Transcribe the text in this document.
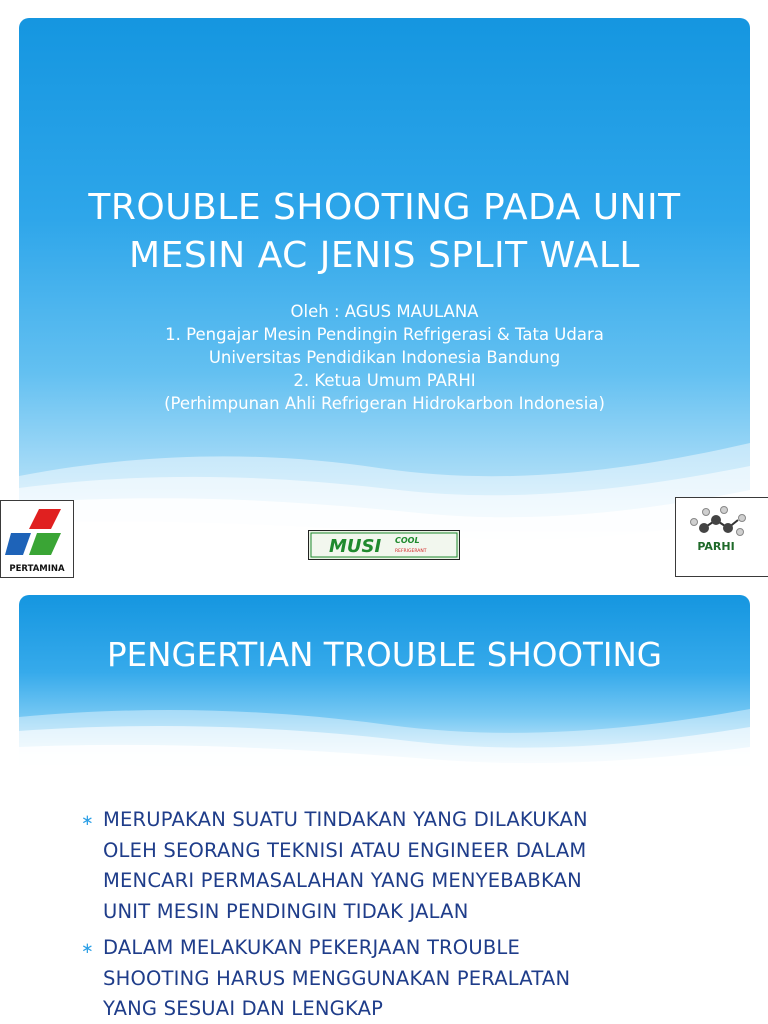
TROUBLE SHOOTING PADA UNIT
MESIN AC JENIS SPLIT WALL
Oleh : AGUS MAULANA
1. Pengajar Mesin Pendingin Refrigerasi & Tata Udara
Universitas Pendidikan Indonesia Bandung
2. Ketua Umum PARHI
(Perhimpunan Ahli Refrigeran Hidrokarbon Indonesia)
PERTAMINA
MUSI COOL
REFRIGERANT	PARHI
PENGERTIAN TROUBLE SHOOTING
∗ MERUPAKAN SUATU TINDAKAN YANG DILAKUKAN
OLEH SEORANG TEKNISI ATAU ENGINEER DALAM
MENCARI PERMASALAHAN YANG MENYEBABKAN
UNIT MESIN PENDINGIN TIDAK JALAN
∗ DALAM MELAKUKAN PEKERJAAN TROUBLE
SHOOTING HARUS MENGGUNAKAN PERALATAN
YANG SESUAI DAN LENGKAP
